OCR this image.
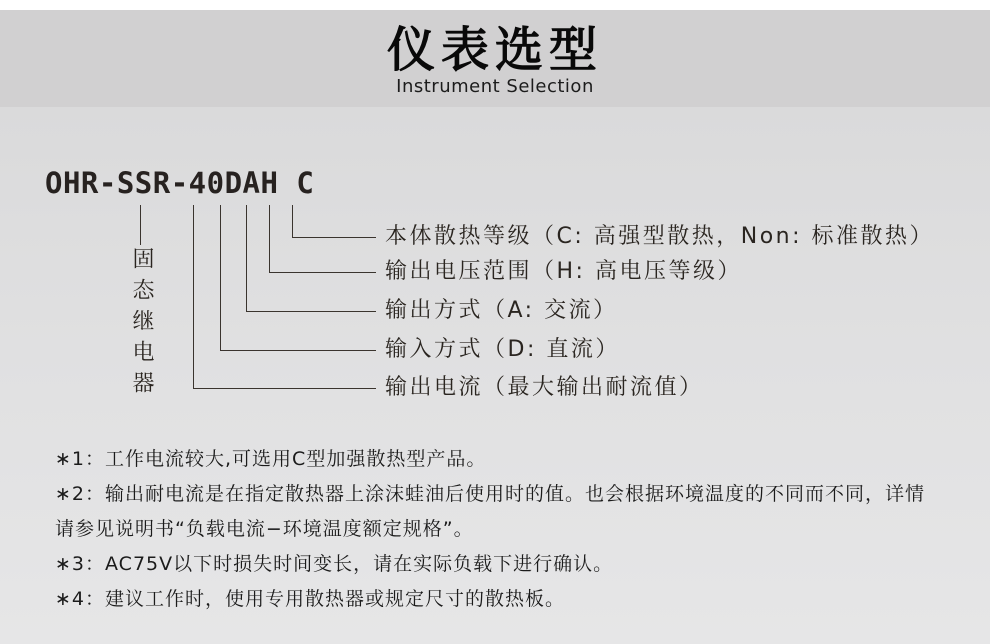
仪表选型
Instrument Selection
OHR-SSR-40DAH C
固态继电器
本体散热等级（C: 高强型散热，Non: 标准散热）
输出电压范围（H: 高电压等级）
输出方式（A: 交流）
输入方式（D: 直流）
输出电流（最大输出耐流值）
∗1：工作电流较大,可选用C型加强散热型产品。
∗2：输出耐电流是在指定散热器上涂沫蛙油后使用时的值。也会根据环境温度的不同而不同，详情
请参见说明书“负载电流−环境温度额定规格”。
∗3：AC75V以下时损失时间变长，请在实际负载下进行确认。
∗4：建议工作时，使用专用散热器或规定尺寸的散热板。
